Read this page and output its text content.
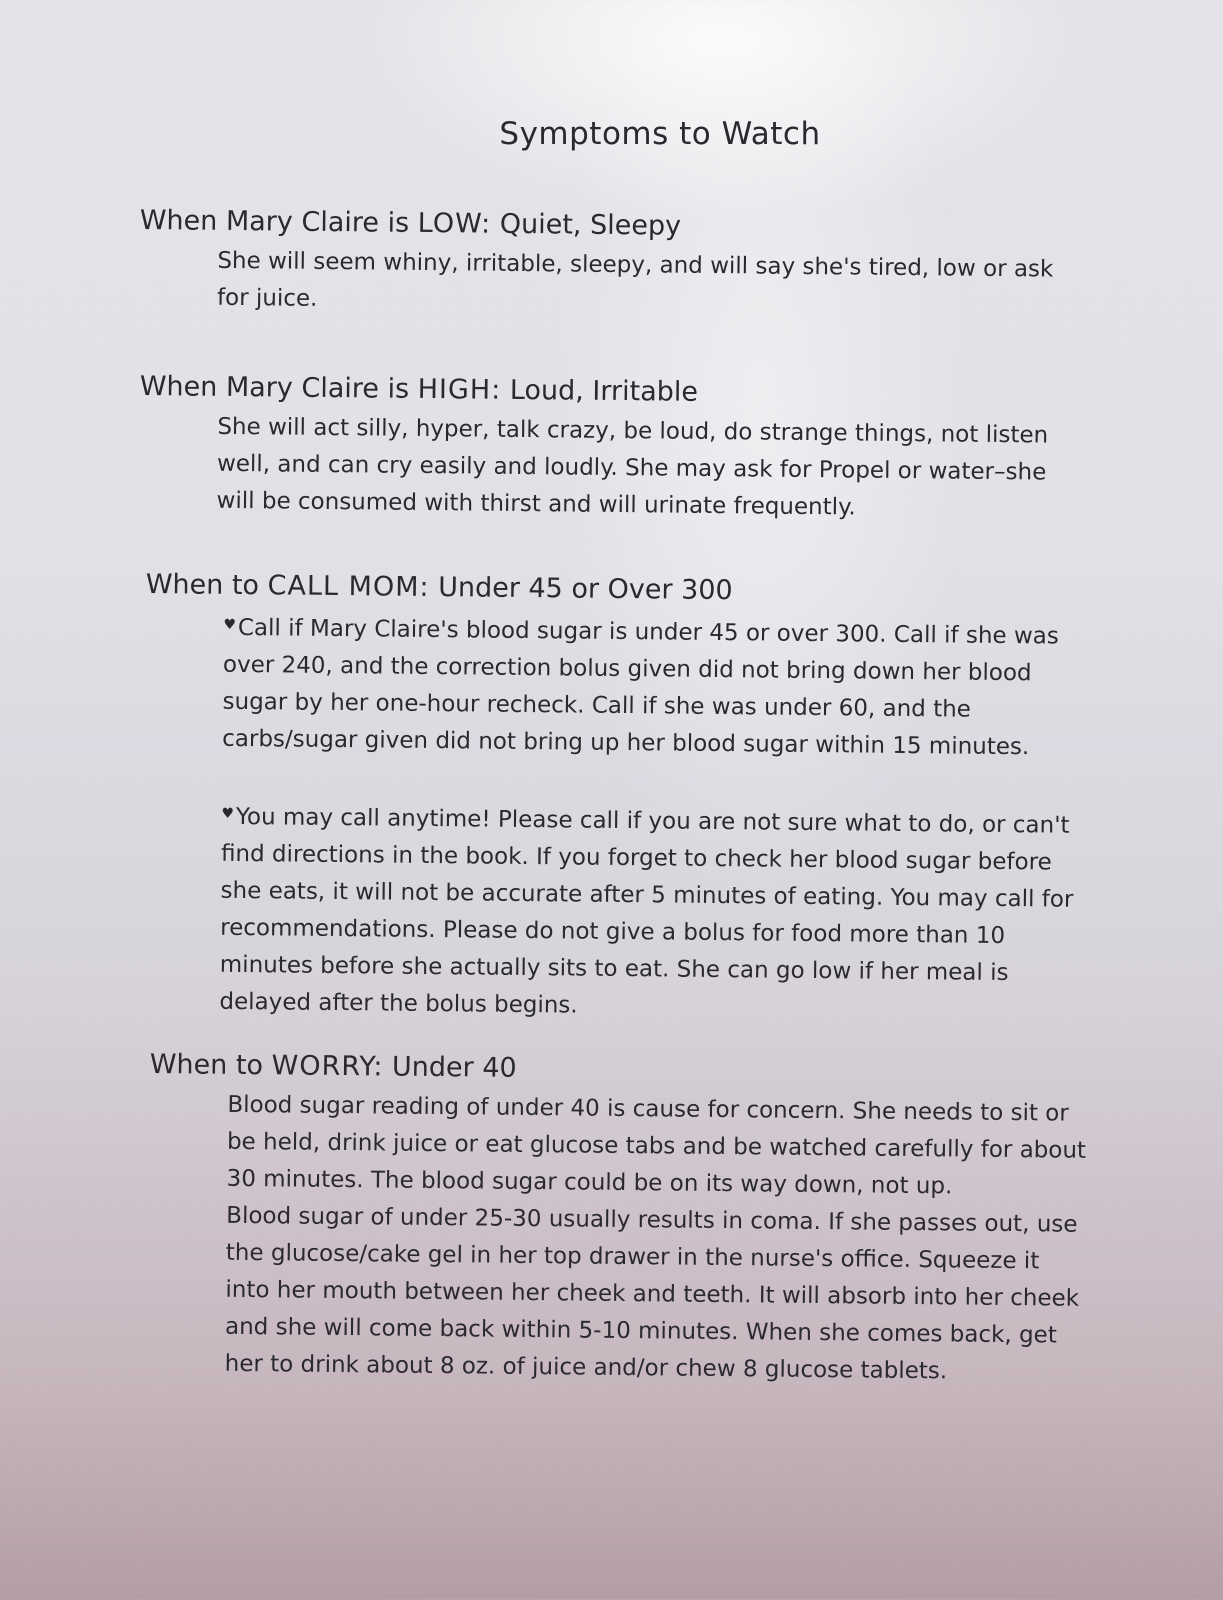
Symptoms to Watch
When Mary Claire is LOW: Quiet, Sleepy

She will seem whiny, irritable, sleepy, and will say she's tired, low or ask for juice.

When Mary Claire is HIGH: Loud, Irritable

She will act silly, hyper, talk crazy, be loud, do strange things, not listen well, and can cry easily and loudly. She may ask for Propel or water–she will be consumed with thirst and will urinate frequently.

When to CALL MOM: Under 45 or Over 300

♥Call if Mary Claire's blood sugar is under 45 or over 300. Call if she was over 240, and the correction bolus given did not bring down her blood sugar by her one-hour recheck. Call if she was under 60, and the carbs/sugar given did not bring up her blood sugar within 15 minutes.

♥You may call anytime! Please call if you are not sure what to do, or can't find directions in the book. If you forget to check her blood sugar before she eats, it will not be accurate after 5 minutes of eating. You may call for recommendations. Please do not give a bolus for food more than 10 minutes before she actually sits to eat. She can go low if her meal is delayed after the bolus begins.

When to WORRY: Under 40

Blood sugar reading of under 40 is cause for concern. She needs to sit or be held, drink juice or eat glucose tabs and be watched carefully for about 30 minutes. The blood sugar could be on its way down, not up.

Blood sugar of under 25-30 usually results in coma. If she passes out, use the glucose/cake gel in her top drawer in the nurse's office. Squeeze it into her mouth between her cheek and teeth. It will absorb into her cheek and she will come back within 5-10 minutes. When she comes back, get her to drink about 8 oz. of juice and/or chew 8 glucose tablets.
